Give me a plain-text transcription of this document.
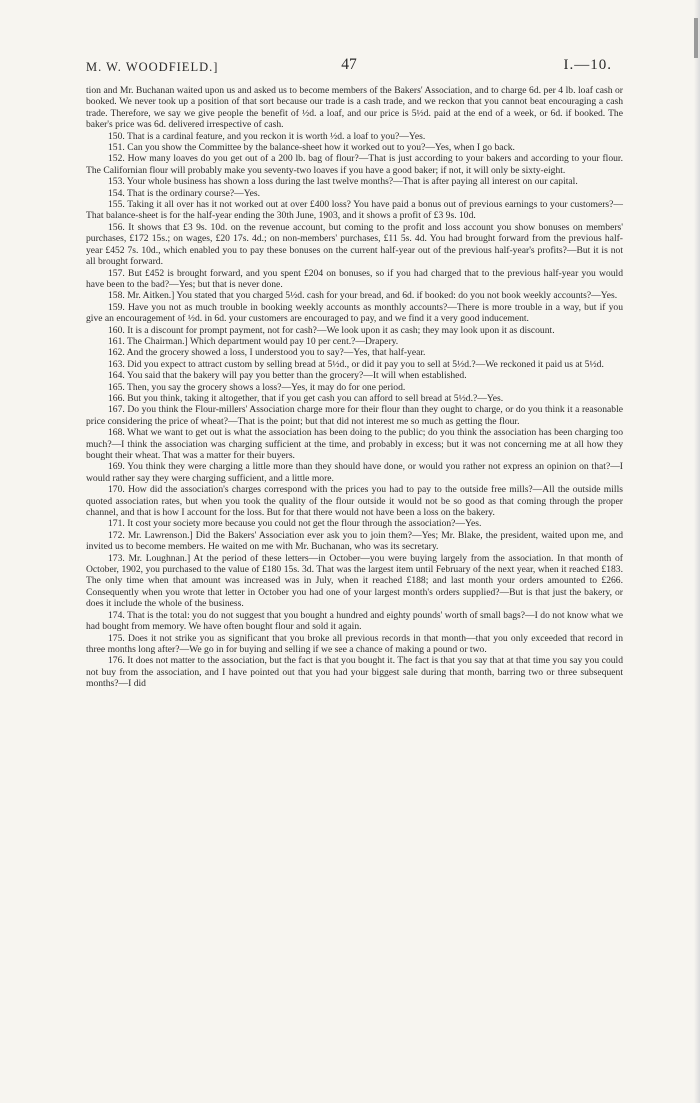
M. W. WOODFIELD.]	47	I.—10.

tion and Mr. Buchanan waited upon us and asked us to become members of the Bakers' Association, and to charge 6d. per 4 lb. loaf cash or booked. We never took up a position of that sort because our trade is a cash trade, and we reckon that you cannot beat encouraging a cash trade. Therefore, we say we give people the benefit of ½d. a loaf, and our price is 5½d. paid at the end of a week, or 6d. if booked. The baker's price was 6d. delivered irrespective of cash.

150. That is a cardinal feature, and you reckon it is worth ½d. a loaf to you?—Yes.

151. Can you show the Committee by the balance-sheet how it worked out to you?—Yes, when I go back.

152. How many loaves do you get out of a 200 lb. bag of flour?—That is just according to your bakers and according to your flour. The Californian flour will probably make you seventy-two loaves if you have a good baker; if not, it will only be sixty-eight.

153. Your whole business has shown a loss during the last twelve months?—That is after paying all interest on our capital.

154. That is the ordinary course?—Yes.

155. Taking it all over has it not worked out at over £400 loss? You have paid a bonus out of previous earnings to your customers?—That balance-sheet is for the half-year ending the 30th June, 1903, and it shows a profit of £3 9s. 10d.

156. It shows that £3 9s. 10d. on the revenue account, but coming to the profit and loss account you show bonuses on members' purchases, £172 15s.; on wages, £20 17s. 4d.; on non-members' purchases, £11 5s. 4d. You had brought forward from the previous half-year £452 7s. 10d., which enabled you to pay these bonuses on the current half-year out of the previous half-year's profits?—But it is not all brought forward.

157. But £452 is brought forward, and you spent £204 on bonuses, so if you had charged that to the previous half-year you would have been to the bad?—Yes; but that is never done.

158. Mr. Aitken.] You stated that you charged 5½d. cash for your bread, and 6d. if booked: do you not book weekly accounts?—Yes.

159. Have you not as much trouble in booking weekly accounts as monthly accounts?—There is more trouble in a way, but if you give an encouragement of ½d. in 6d. your customers are encouraged to pay, and we find it a very good inducement.

160. It is a discount for prompt payment, not for cash?—We look upon it as cash; they may look upon it as discount.

161. The Chairman.] Which department would pay 10 per cent.?—Drapery.

162. And the grocery showed a loss, I understood you to say?—Yes, that half-year.

163. Did you expect to attract custom by selling bread at 5½d., or did it pay you to sell at 5½d.?—We reckoned it paid us at 5½d.

164. You said that the bakery will pay you better than the grocery?—It will when established.

165. Then, you say the grocery shows a loss?—Yes, it may do for one period.

166. But you think, taking it altogether, that if you get cash you can afford to sell bread at 5½d.?—Yes.

167. Do you think the Flour-millers' Association charge more for their flour than they ought to charge, or do you think it a reasonable price considering the price of wheat?—That is the point; but that did not interest me so much as getting the flour.

168. What we want to get out is what the association has been doing to the public; do you think the association has been charging too much?—I think the association was charging sufficient at the time, and probably in excess; but it was not concerning me at all how they bought their wheat. That was a matter for their buyers.

169. You think they were charging a little more than they should have done, or would you rather not express an opinion on that?—I would rather say they were charging sufficient, and a little more.

170. How did the association's charges correspond with the prices you had to pay to the outside free mills?—All the outside mills quoted association rates, but when you took the quality of the flour outside it would not be so good as that coming through the proper channel, and that is how I account for the loss. But for that there would not have been a loss on the bakery.

171. It cost your society more because you could not get the flour through the association?—Yes.

172. Mr. Lawrenson.] Did the Bakers' Association ever ask you to join them?—Yes; Mr. Blake, the president, waited upon me, and invited us to become members. He waited on me with Mr. Buchanan, who was its secretary.

173. Mr. Loughnan.] At the period of these letters—in October—you were buying largely from the association. In that month of October, 1902, you purchased to the value of £180 15s. 3d. That was the largest item until February of the next year, when it reached £183. The only time when that amount was increased was in July, when it reached £188; and last month your orders amounted to £266. Consequently when you wrote that letter in October you had one of your largest month's orders supplied?—But is that just the bakery, or does it include the whole of the business.

174. That is the total: you do not suggest that you bought a hundred and eighty pounds' worth of small bags?—I do not know what we had bought from memory. We have often bought flour and sold it again.

175. Does it not strike you as significant that you broke all previous records in that month—that you only exceeded that record in three months long after?—We go in for buying and selling if we see a chance of making a pound or two.

176. It does not matter to the association, but the fact is that you bought it. The fact is that you say that at that time you say you could not buy from the association, and I have pointed out that you had your biggest sale during that month, barring two or three subsequent months?—I did
